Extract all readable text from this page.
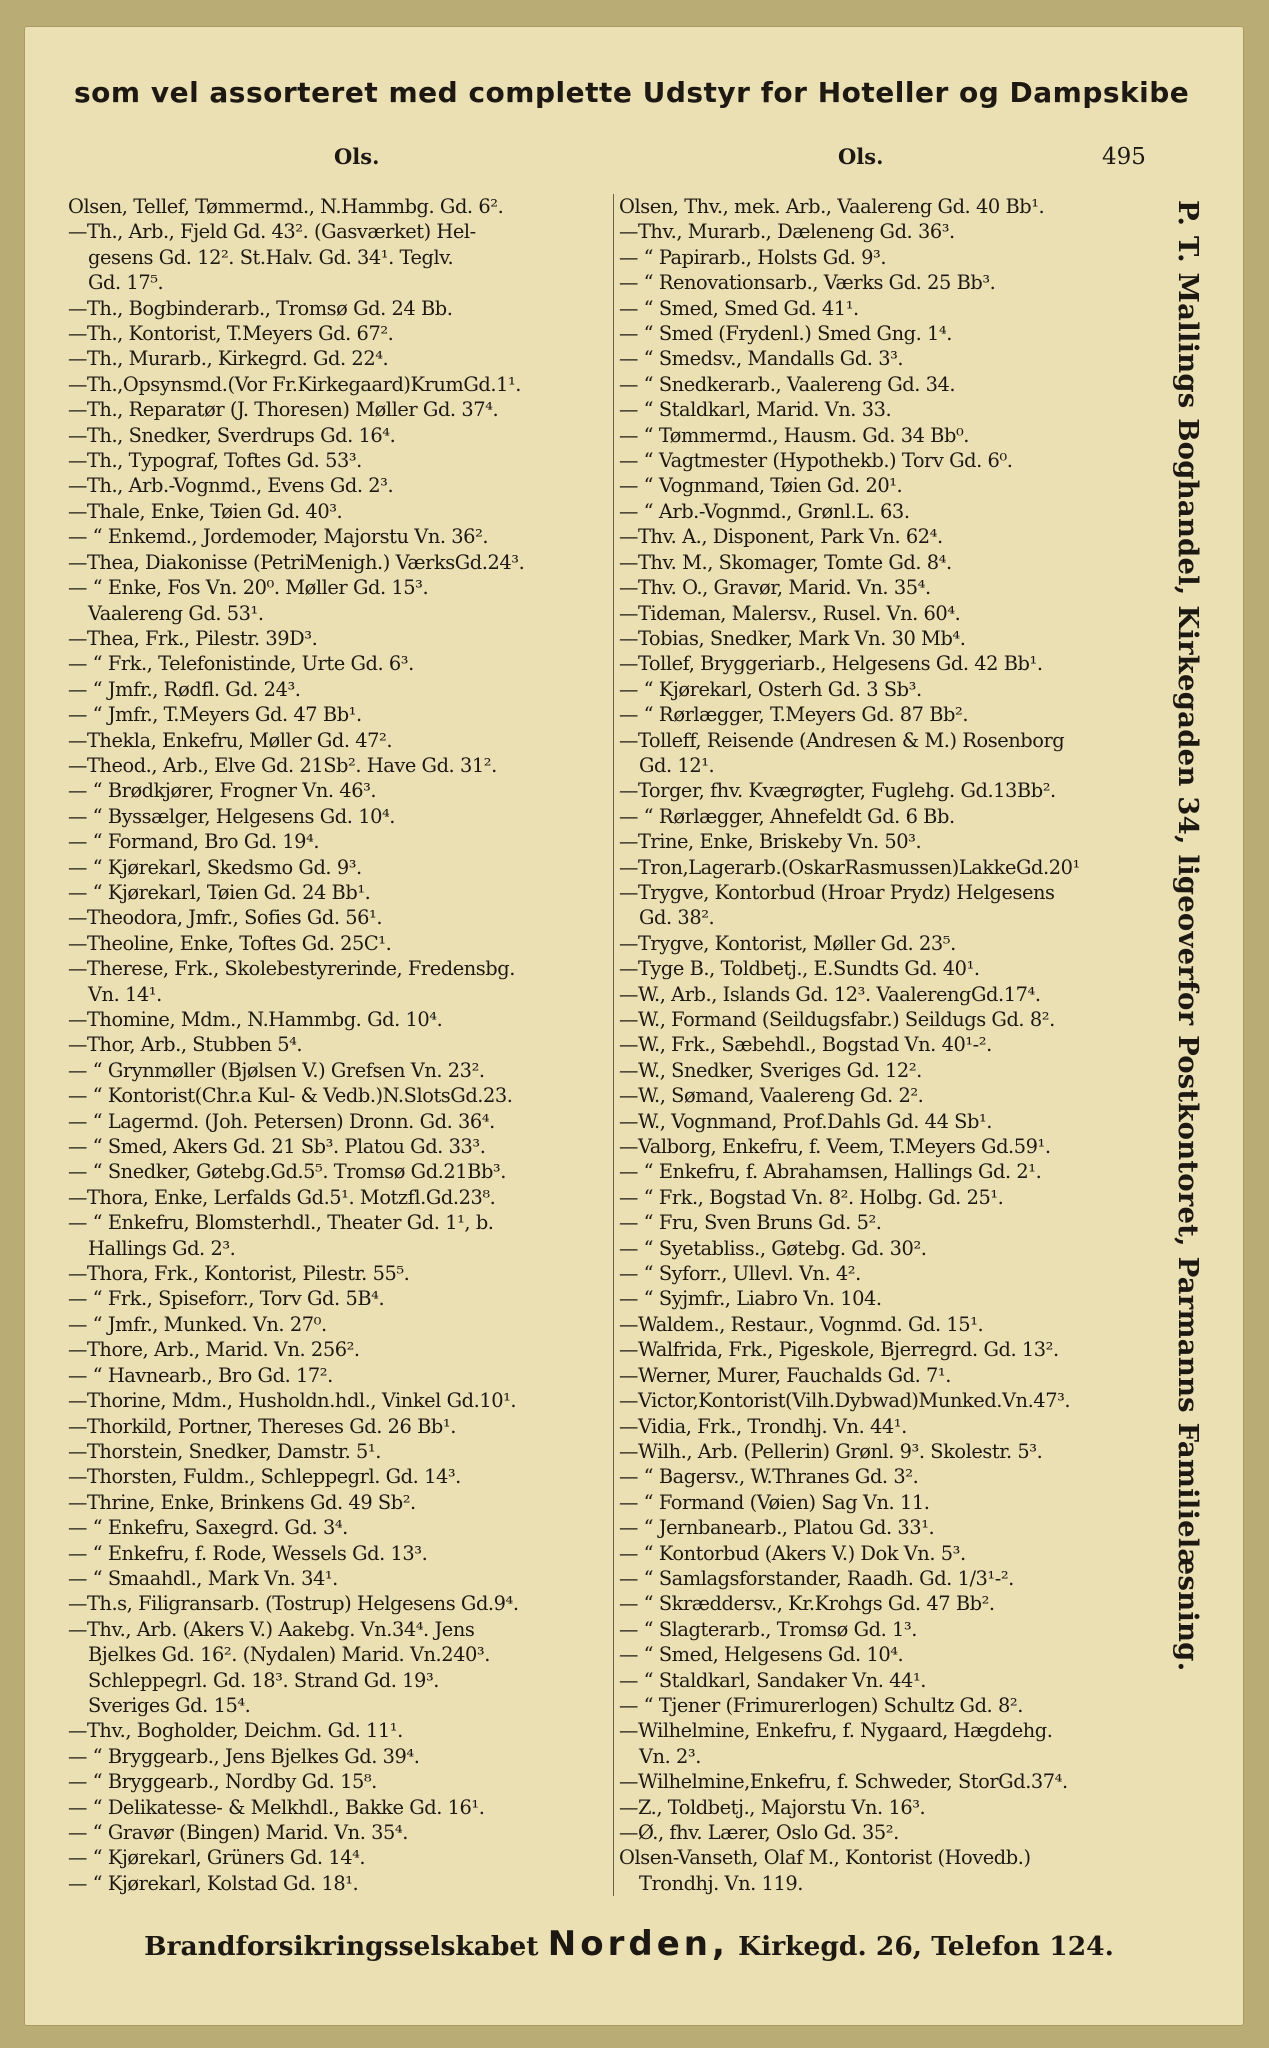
som vel assorteret med complette Udstyr for Hoteller og Dampskibe
Ols.	Ols.	495
Olsen, Tellef, Tømmermd., N.Hammbg. Gd. 6².
—Th., Arb., Fjeld Gd. 43². (Gasværket) Hel-
gesens Gd. 12². St.Halv. Gd. 34¹. Teglv.
Gd. 17⁵.
—Th., Bogbinderarb., Tromsø Gd. 24 Bb.
—Th., Kontorist, T.Meyers Gd. 67².
—Th., Murarb., Kirkegrd. Gd. 22⁴.
—Th.,Opsynsmd.(Vor Fr.Kirkegaard)KrumGd.1¹.
—Th., Reparatør (J. Thoresen) Møller Gd. 37⁴.
—Th., Snedker, Sverdrups Gd. 16⁴.
—Th., Typograf, Toftes Gd. 53³.
—Th., Arb.-Vognmd., Evens Gd. 2³.
—Thale, Enke, Tøien Gd. 40³.
— “ Enkemd., Jordemoder, Majorstu Vn. 36².
—Thea, Diakonisse (PetriMenigh.) VærksGd.24³.
— “ Enke, Fos Vn. 20⁰. Møller Gd. 15³.
Vaalereng Gd. 53¹.
—Thea, Frk., Pilestr. 39D³.
— “ Frk., Telefonistinde, Urte Gd. 6³.
— “ Jmfr., Rødfl. Gd. 24³.
— “ Jmfr., T.Meyers Gd. 47 Bb¹.
—Thekla, Enkefru, Møller Gd. 47².
—Theod., Arb., Elve Gd. 21Sb². Have Gd. 31².
— “ Brødkjører, Frogner Vn. 46³.
— “ Byssælger, Helgesens Gd. 10⁴.
— “ Formand, Bro Gd. 19⁴.
— “ Kjørekarl, Skedsmo Gd. 9³.
— “ Kjørekarl, Tøien Gd. 24 Bb¹.
—Theodora, Jmfr., Sofies Gd. 56¹.
—Theoline, Enke, Toftes Gd. 25C¹.
—Therese, Frk., Skolebestyrerinde, Fredensbg.
Vn. 14¹.
—Thomine, Mdm., N.Hammbg. Gd. 10⁴.
—Thor, Arb., Stubben 5⁴.
— “ Grynmøller (Bjølsen V.) Grefsen Vn. 23².
— “ Kontorist(Chr.a Kul- & Vedb.)N.SlotsGd.23.
— “ Lagermd. (Joh. Petersen) Dronn. Gd. 36⁴.
— “ Smed, Akers Gd. 21 Sb³. Platou Gd. 33³.
— “ Snedker, Gøtebg.Gd.5⁵. Tromsø Gd.21Bb³.
—Thora, Enke, Lerfalds Gd.5¹. Motzfl.Gd.23⁸.
— “ Enkefru, Blomsterhdl., Theater Gd. 1¹, b.
Hallings Gd. 2³.
—Thora, Frk., Kontorist, Pilestr. 55⁵.
— “ Frk., Spiseforr., Torv Gd. 5B⁴.
— “ Jmfr., Munked. Vn. 27⁰.
—Thore, Arb., Marid. Vn. 256².
— “ Havnearb., Bro Gd. 17².
—Thorine, Mdm., Husholdn.hdl., Vinkel Gd.10¹.
—Thorkild, Portner, Thereses Gd. 26 Bb¹.
—Thorstein, Snedker, Damstr. 5¹.
—Thorsten, Fuldm., Schleppegrl. Gd. 14³.
—Thrine, Enke, Brinkens Gd. 49 Sb².
— “ Enkefru, Saxegrd. Gd. 3⁴.
— “ Enkefru, f. Rode, Wessels Gd. 13³.
— “ Smaahdl., Mark Vn. 34¹.
—Th.s, Filigransarb. (Tostrup) Helgesens Gd.9⁴.
—Thv., Arb. (Akers V.) Aakebg. Vn.34⁴. Jens
Bjelkes Gd. 16². (Nydalen) Marid. Vn.240³.
Schleppegrl. Gd. 18³. Strand Gd. 19³.
Sveriges Gd. 15⁴.
—Thv., Bogholder, Deichm. Gd. 11¹.
— “ Bryggearb., Jens Bjelkes Gd. 39⁴.
— “ Bryggearb., Nordby Gd. 15⁸.
— “ Delikatesse- & Melkhdl., Bakke Gd. 16¹.
— “ Gravør (Bingen) Marid. Vn. 35⁴.
— “ Kjørekarl, Grüners Gd. 14⁴.
— “ Kjørekarl, Kolstad Gd. 18¹.
Olsen, Thv., mek. Arb., Vaalereng Gd. 40 Bb¹.
—Thv., Murarb., Dæleneng Gd. 36³.
— “ Papirarb., Holsts Gd. 9³.
— “ Renovationsarb., Værks Gd. 25 Bb³.
— “ Smed, Smed Gd. 41¹.
— “ Smed (Frydenl.) Smed Gng. 1⁴.
— “ Smedsv., Mandalls Gd. 3³.
— “ Snedkerarb., Vaalereng Gd. 34.
— “ Staldkarl, Marid. Vn. 33.
— “ Tømmermd., Hausm. Gd. 34 Bb⁰.
— “ Vagtmester (Hypothekb.) Torv Gd. 6⁰.
— “ Vognmand, Tøien Gd. 20¹.
— “ Arb.-Vognmd., Grønl.L. 63.
—Thv. A., Disponent, Park Vn. 62⁴.
—Thv. M., Skomager, Tomte Gd. 8⁴.
—Thv. O., Gravør, Marid. Vn. 35⁴.
—Tideman, Malersv., Rusel. Vn. 60⁴.
—Tobias, Snedker, Mark Vn. 30 Mb⁴.
—Tollef, Bryggeriarb., Helgesens Gd. 42 Bb¹.
— “ Kjørekarl, Osterh Gd. 3 Sb³.
— “ Rørlægger, T.Meyers Gd. 87 Bb².
—Tolleff, Reisende (Andresen & M.) Rosenborg
Gd. 12¹.
—Torger, fhv. Kvægrøgter, Fuglehg. Gd.13Bb².
— “ Rørlægger, Ahnefeldt Gd. 6 Bb.
—Trine, Enke, Briskeby Vn. 50³.
—Tron,Lagerarb.(OskarRasmussen)LakkeGd.20¹
—Trygve, Kontorbud (Hroar Prydz) Helgesens
Gd. 38².
—Trygve, Kontorist, Møller Gd. 23⁵.
—Tyge B., Toldbetj., E.Sundts Gd. 40¹.
—W., Arb., Islands Gd. 12³. VaalerengGd.17⁴.
—W., Formand (Seildugsfabr.) Seildugs Gd. 8².
—W., Frk., Sæbehdl., Bogstad Vn. 40¹-².
—W., Snedker, Sveriges Gd. 12².
—W., Sømand, Vaalereng Gd. 2².
—W., Vognmand, Prof.Dahls Gd. 44 Sb¹.
—Valborg, Enkefru, f. Veem, T.Meyers Gd.59¹.
— “ Enkefru, f. Abrahamsen, Hallings Gd. 2¹.
— “ Frk., Bogstad Vn. 8². Holbg. Gd. 25¹.
— “ Fru, Sven Bruns Gd. 5².
— “ Syetabliss., Gøtebg. Gd. 30².
— “ Syforr., Ullevl. Vn. 4².
— “ Syjmfr., Liabro Vn. 104.
—Waldem., Restaur., Vognmd. Gd. 15¹.
—Walfrida, Frk., Pigeskole, Bjerregrd. Gd. 13².
—Werner, Murer, Fauchalds Gd. 7¹.
—Victor,Kontorist(Vilh.Dybwad)Munked.Vn.47³.
—Vidia, Frk., Trondhj. Vn. 44¹.
—Wilh., Arb. (Pellerin) Grønl. 9³. Skolestr. 5³.
— “ Bagersv., W.Thranes Gd. 3².
— “ Formand (Vøien) Sag Vn. 11.
— “ Jernbanearb., Platou Gd. 33¹.
— “ Kontorbud (Akers V.) Dok Vn. 5³.
— “ Samlagsforstander, Raadh. Gd. 1/3¹-².
— “ Skræddersv., Kr.Krohgs Gd. 47 Bb².
— “ Slagterarb., Tromsø Gd. 1³.
— “ Smed, Helgesens Gd. 10⁴.
— “ Staldkarl, Sandaker Vn. 44¹.
— “ Tjener (Frimurerlogen) Schultz Gd. 8².
—Wilhelmine, Enkefru, f. Nygaard, Hægdehg.
Vn. 2³.
—Wilhelmine,Enkefru, f. Schweder, StorGd.37⁴.
—Z., Toldbetj., Majorstu Vn. 16³.
—Ø., fhv. Lærer, Oslo Gd. 35².
Olsen-Vanseth, Olaf M., Kontorist (Hovedb.)
Trondhj. Vn. 119.
P. T. Mallings Boghandel, Kirkegaden 34, ligeoverfor Postkontoret, Parmanns Familielæsning.
Brandforsikringsselskabet Norden, Kirkegd. 26, Telefon 124.
